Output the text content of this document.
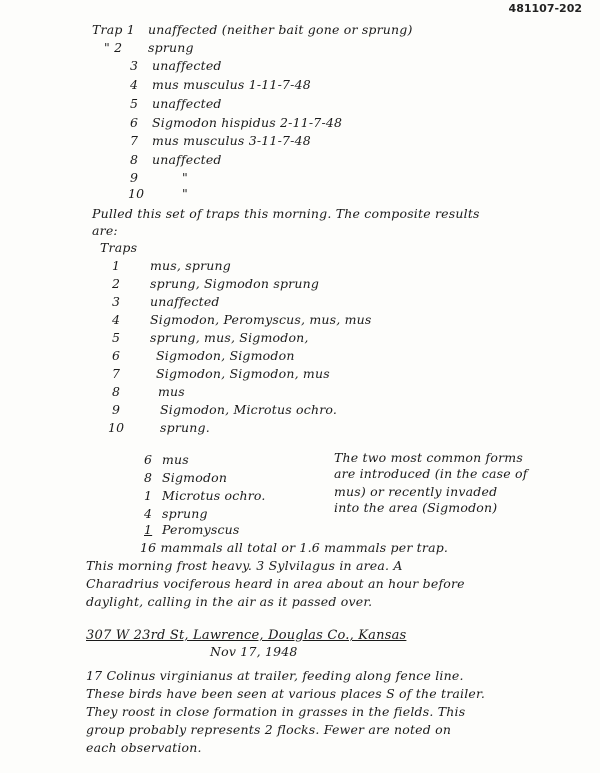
481107-202
Trap 1 unaffected (neither bait gone or sprung)
" 2 sprung
3 unaffected
4 mus musculus 1-11-7-48
5 unaffected
6 Sigmodon hispidus 2-11-7-48
7 mus musculus 3-11-7-48
8 unaffected
9	"
10	"
Pulled this set of traps this morning. The composite results
are:
Traps
1 mus, sprung
2 sprung, Sigmodon sprung
3 unaffected
4 Sigmodon, Peromyscus, mus, mus
5 sprung, mus, Sigmodon,
6	Sigmodon, Sigmodon
7	Sigmodon, Sigmodon, mus
8	mus
9	Sigmodon, Microtus ochro.
10	sprung.
6 mus
8 Sigmodon
1 Microtus ochro.
4 sprung
1 Peromyscus
16 mammals all total or 1.6 mammals per trap.
The two most common forms
are introduced (in the case of
mus) or recently invaded
into the area (Sigmodon)
This morning frost heavy. 3 Sylvilagus in area. A
Charadrius vociferous heard in area about an hour before
daylight, calling in the air as it passed over.
307 W 23rd St, Lawrence, Douglas Co., Kansas
Nov 17, 1948
17 Colinus virginianus at trailer, feeding along fence line.
These birds have been seen at various places S of the trailer.
They roost in close formation in grasses in the fields. This
group probably represents 2 flocks. Fewer are noted on
each observation.
